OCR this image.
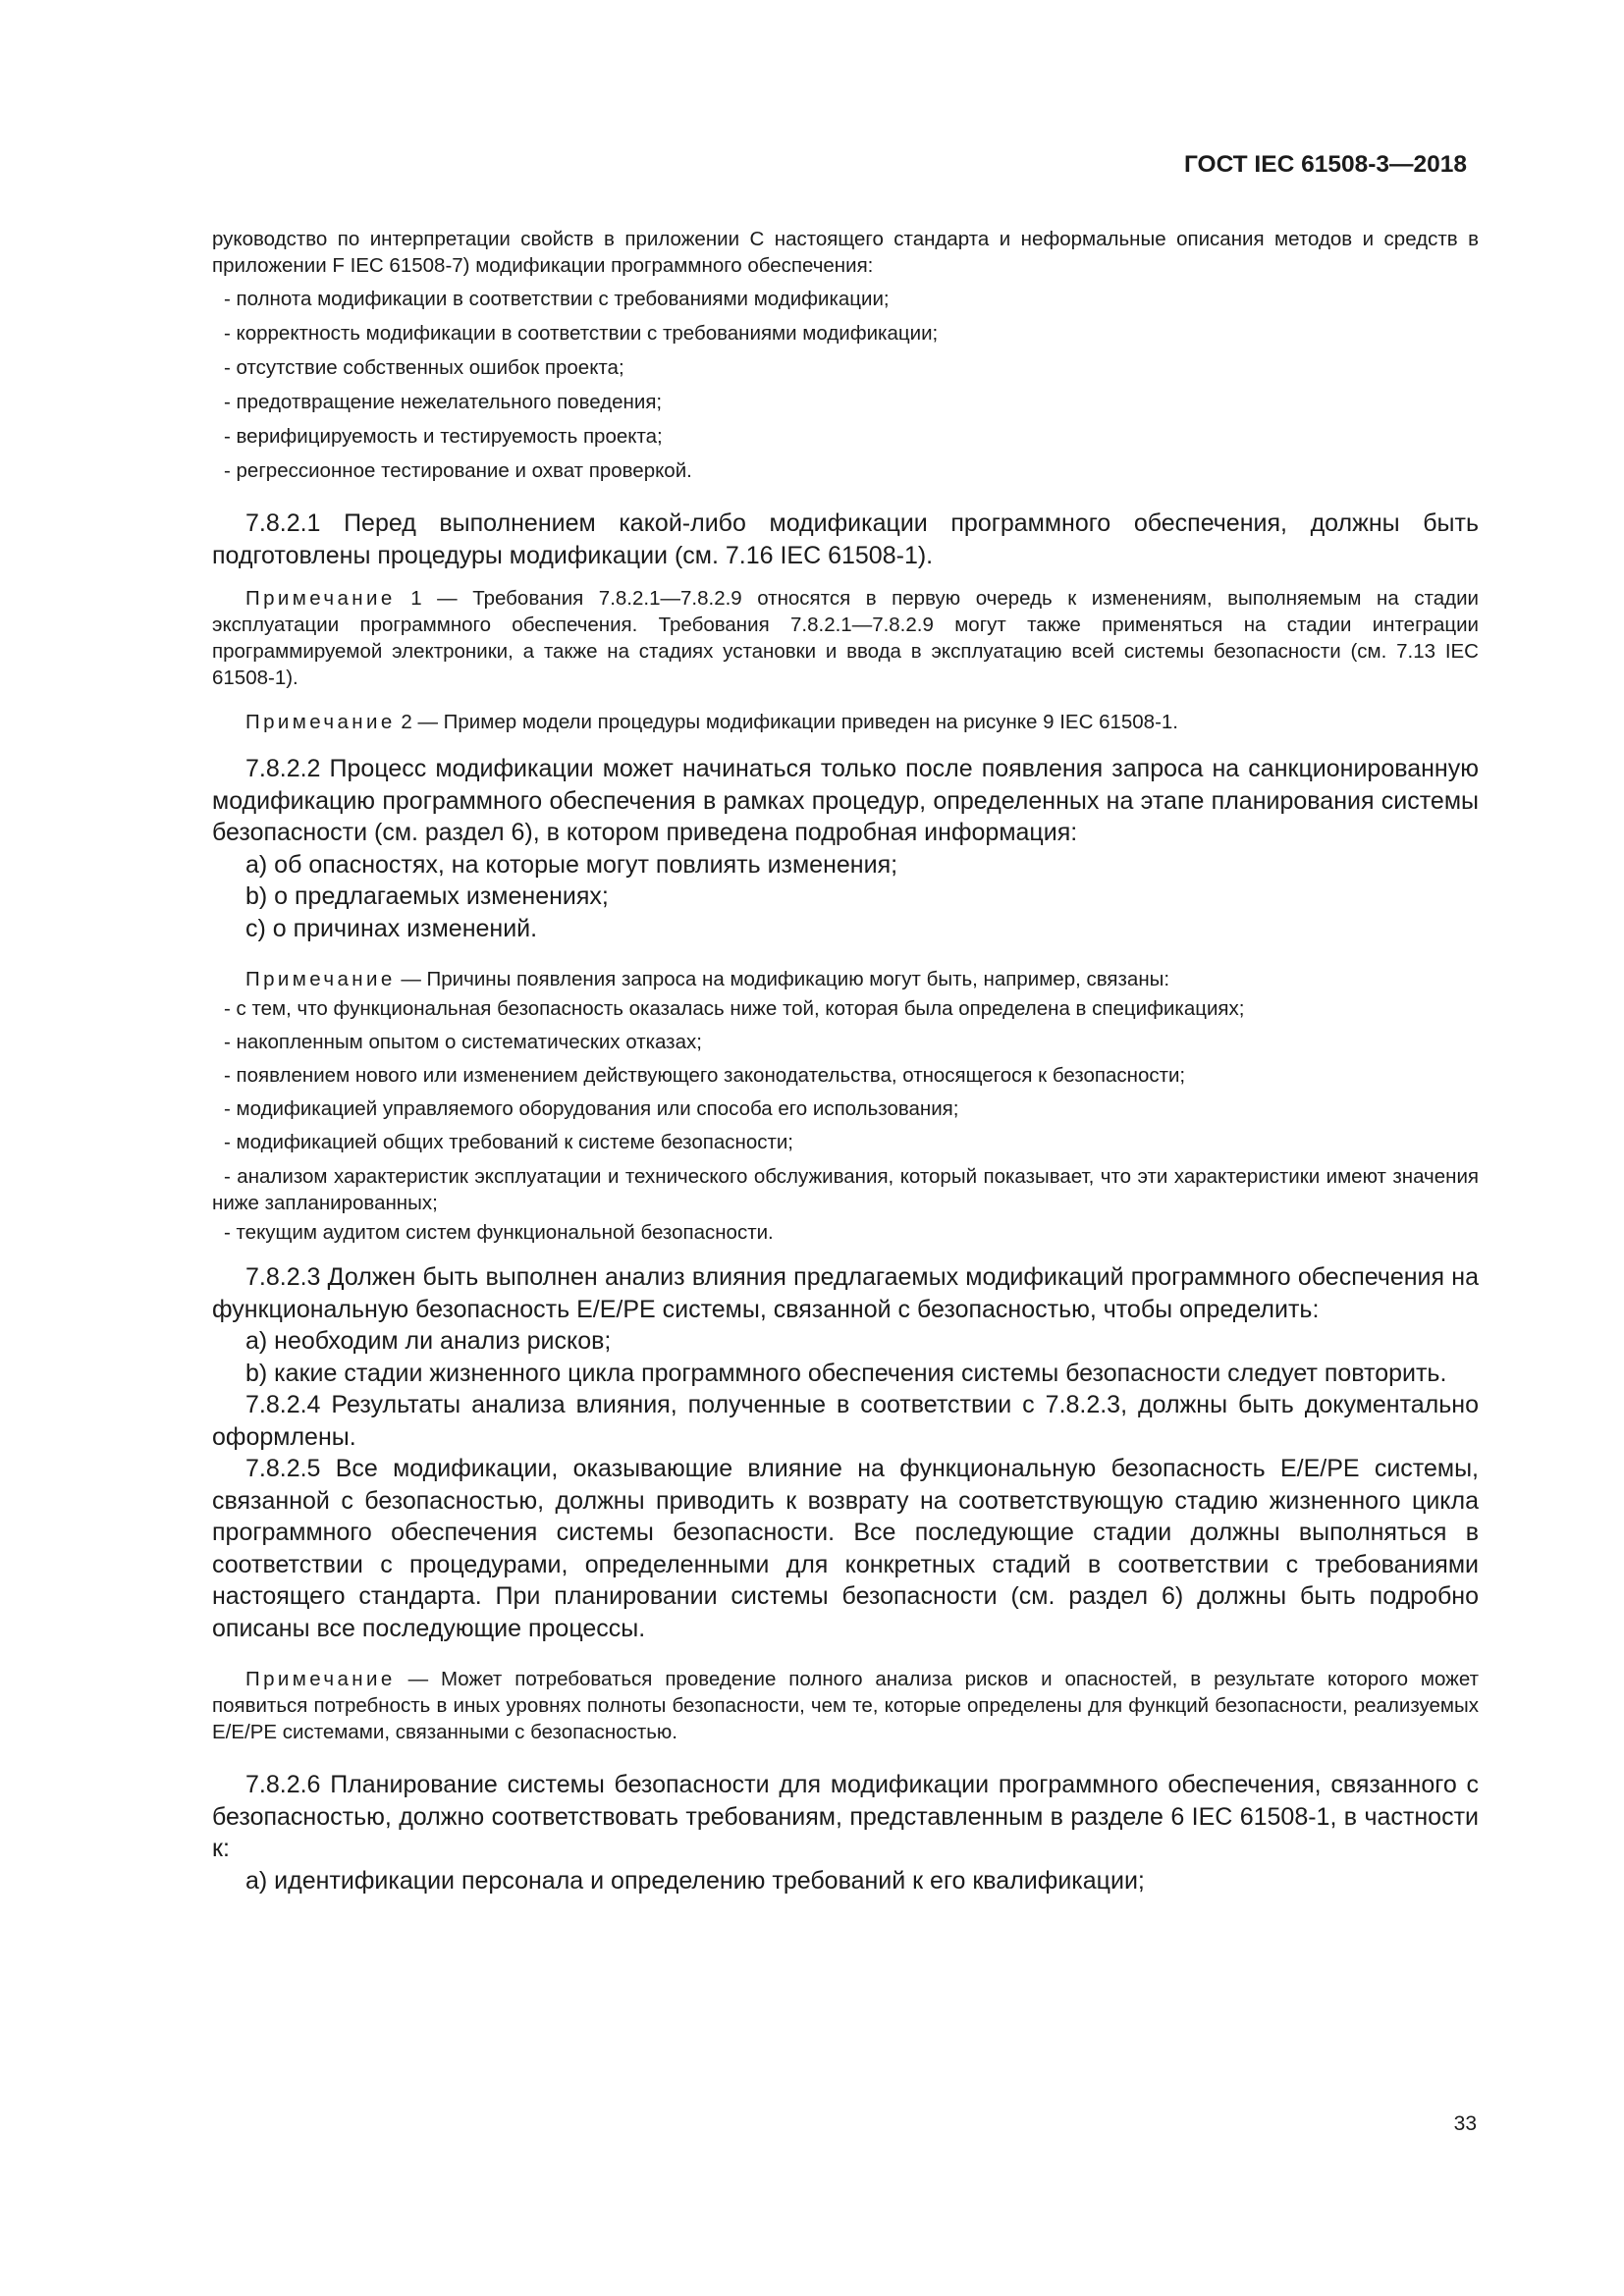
ГОСТ IEC 61508-3—2018

руководство по интерпретации свойств в приложении С настоящего стандарта и неформальные описания методов и средств в приложении F IEC 61508-7) модификации программного обеспечения:

- полнота модификации в соответствии с требованиями модификации;

- корректность модификации в соответствии с требованиями модификации;

- отсутствие собственных ошибок проекта;

- предотвращение нежелательного поведения;

- верифицируемость и тестируемость проекта;

- регрессионное тестирование и охват проверкой.

7.8.2.1 Перед выполнением какой-либо модификации программного обеспечения, должны быть подготовлены процедуры модификации (см. 7.16 IEC 61508-1).

Примечание 1 — Требования 7.8.2.1—7.8.2.9 относятся в первую очередь к изменениям, выполняемым на стадии эксплуатации программного обеспечения. Требования 7.8.2.1—7.8.2.9 могут также применяться на стадии интеграции программируемой электроники, а также на стадиях установки и ввода в эксплуатацию всей системы безопасности (см. 7.13 IEC 61508-1).

Примечание 2 — Пример модели процедуры модификации приведен на рисунке 9 IEC 61508-1.

7.8.2.2 Процесс модификации может начинаться только после появления запроса на санкционированную модификацию программного обеспечения в рамках процедур, определенных на этапе планирования системы безопасности (см. раздел 6), в котором приведена подробная информация:

a) об опасностях, на которые могут повлиять изменения;

b) о предлагаемых изменениях;

c) о причинах изменений.

Примечание — Причины появления запроса на модификацию могут быть, например, связаны:

- с тем, что функциональная безопасность оказалась ниже той, которая была определена в спецификациях;

- накопленным опытом о систематических отказах;

- появлением нового или изменением действующего законодательства, относящегося к безопасности;

- модификацией управляемого оборудования или способа его использования;

- модификацией общих требований к системе безопасности;

- анализом характеристик эксплуатации и технического обслуживания, который показывает, что эти характеристики имеют значения ниже запланированных;

- текущим аудитом систем функциональной безопасности.

7.8.2.3 Должен быть выполнен анализ влияния предлагаемых модификаций программного обеспечения на функциональную безопасность Е/Е/РЕ системы, связанной с безопасностью, чтобы определить:

a) необходим ли анализ рисков;

b) какие стадии жизненного цикла программного обеспечения системы безопасности следует повторить.

7.8.2.4 Результаты анализа влияния, полученные в соответствии с 7.8.2.3, должны быть документально оформлены.

7.8.2.5 Все модификации, оказывающие влияние на функциональную безопасность Е/Е/РЕ системы, связанной с безопасностью, должны приводить к возврату на соответствующую стадию жизненного цикла программного обеспечения системы безопасности. Все последующие стадии должны выполняться в соответствии с процедурами, определенными для конкретных стадий в соответствии с требованиями настоящего стандарта. При планировании системы безопасности (см. раздел 6) должны быть подробно описаны все последующие процессы.

Примечание — Может потребоваться проведение полного анализа рисков и опасностей, в результате которого может появиться потребность в иных уровнях полноты безопасности, чем те, которые определены для функций безопасности, реализуемых Е/Е/РЕ системами, связанными с безопасностью.

7.8.2.6 Планирование системы безопасности для модификации программного обеспечения, связанного с безопасностью, должно соответствовать требованиям, представленным в разделе 6 IEC 61508-1, в частности к:

a) идентификации персонала и определению требований к его квалификации;

33
